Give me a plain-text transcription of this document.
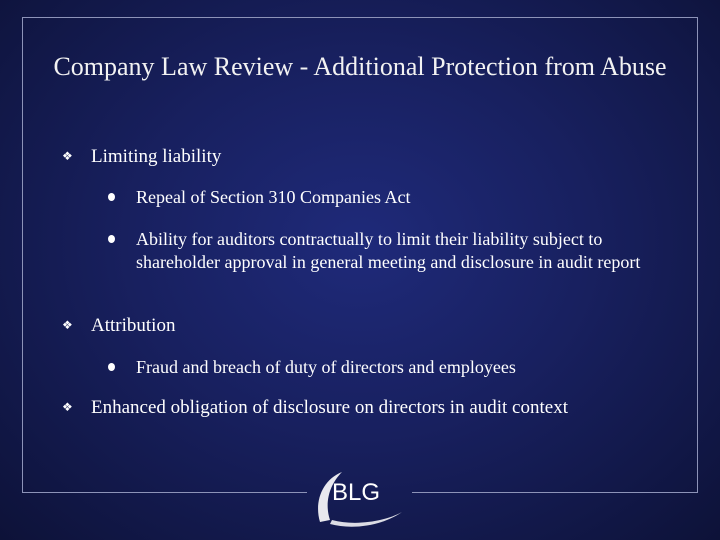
Company Law Review - Additional Protection from Abuse
❖ Limiting liability
Repeal of Section 310 Companies Act
Ability for auditors contractually to limit their liability subject to shareholder approval in general meeting and disclosure in audit report
❖ Attribution
Fraud and breach of duty of directors and employees
❖ Enhanced obligation of disclosure on directors in audit context
BLG
